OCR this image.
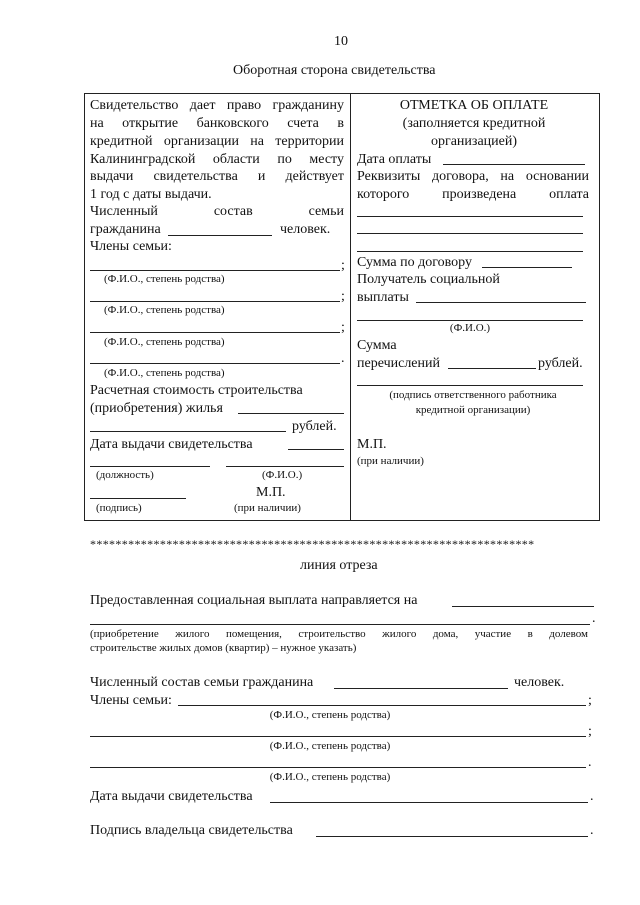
10
Оборотная сторона свидетельства
Свидетельство дает право гражданину
на открытие банковского счета в
кредитной организации на территории
Калининградской области по месту
выдачи свидетельства и действует
1 год с даты выдачи.
Численный	состав	семьи
гражданина	человек.
Члены семьи:
;
(Ф.И.О., степень родства)
;
(Ф.И.О., степень родства)
;
(Ф.И.О., степень родства)
.
(Ф.И.О., степень родства)
Расчетная стоимость строительства
(приобретения) жилья
рублей.
Дата выдачи свидетельства
(должность)	(Ф.И.О.)
М.П.
(подпись)	(при наличии)
ОТМЕТКА ОБ ОПЛАТЕ
(заполняется кредитной
организацией)
Дата оплаты
Реквизиты договора, на основании
которого произведена оплата
Сумма по договору
Получатель социальной
выплаты
(Ф.И.О.)
Сумма
перечислений	рублей.
(подпись ответственного работника
кредитной организации)
М.П.
(при наличии)
**********************************************************************
линия отреза
Предоставленная социальная выплата направляется на
.
(приобретение жилого помещения, строительство жилого дома, участие в долевом
строительстве жилых домов (квартир) – нужное указать)
Численный состав семьи гражданина	человек.
Члены семьи:	;
(Ф.И.О., степень родства)
;
(Ф.И.О., степень родства)
.
(Ф.И.О., степень родства)
Дата выдачи свидетельства	.
Подпись владельца свидетельства	.
